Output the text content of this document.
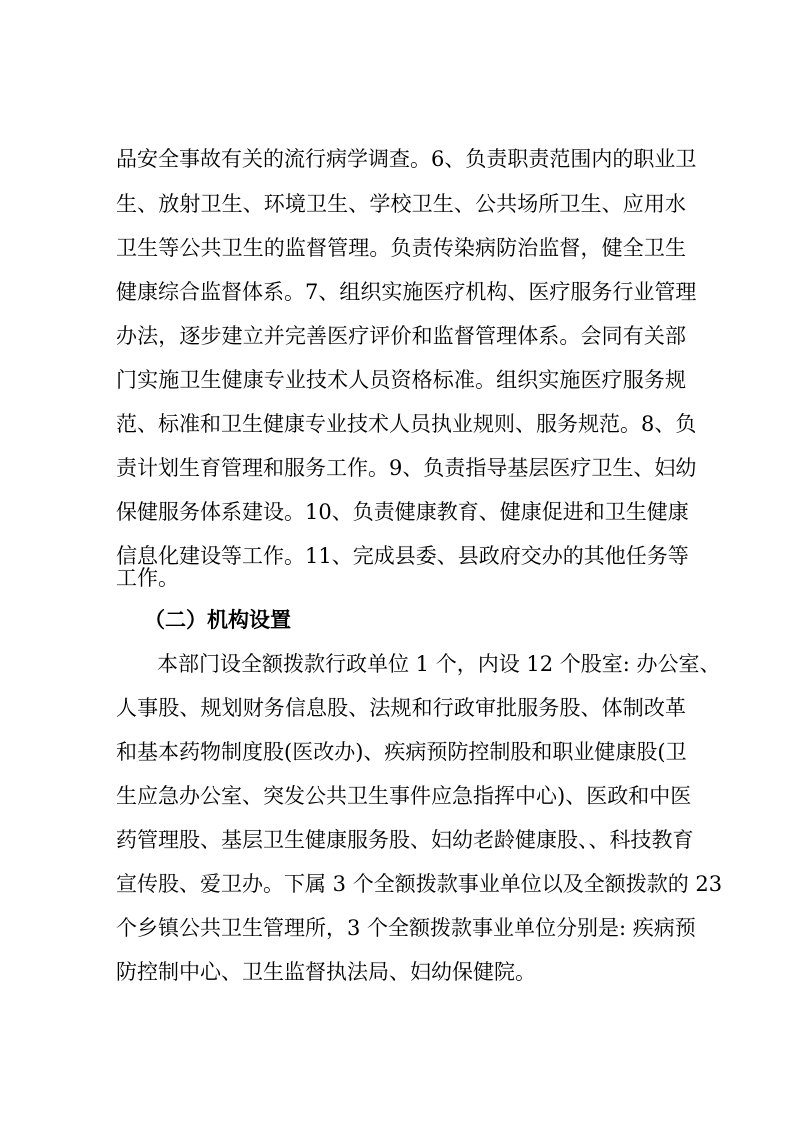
品安全事故有关的流行病学调查。6、负责职责范围内的职业卫
生、放射卫生、环境卫生、学校卫生、公共场所卫生、应用水
卫生等公共卫生的监督管理。负责传染病防治监督，健全卫生
健康综合监督体系。7、组织实施医疗机构、医疗服务行业管理
办法，逐步建立并完善医疗评价和监督管理体系。会同有关部
门实施卫生健康专业技术人员资格标准。组织实施医疗服务规
范、标准和卫生健康专业技术人员执业规则、服务规范。8、负
责计划生育管理和服务工作。9、负责指导基层医疗卫生、妇幼
保健服务体系建设。10、负责健康教育、健康促进和卫生健康
信息化建设等工作。11、完成县委、县政府交办的其他任务等
工作。
（二）机构设置
本部门设全额拨款行政单位 1 个，内设 12 个股室: 办公室、
人事股、规划财务信息股、法规和行政审批服务股、体制改革
和基本药物制度股(医改办)、疾病预防控制股和职业健康股(卫
生应急办公室、突发公共卫生事件应急指挥中心)、医政和中医
药管理股、基层卫生健康服务股、妇幼老龄健康股、、科技教育
宣传股、爱卫办。下属 3 个全额拨款事业单位以及全额拨款的 23
个乡镇公共卫生管理所，3 个全额拨款事业单位分别是: 疾病预
防控制中心、卫生监督执法局、妇幼保健院。
